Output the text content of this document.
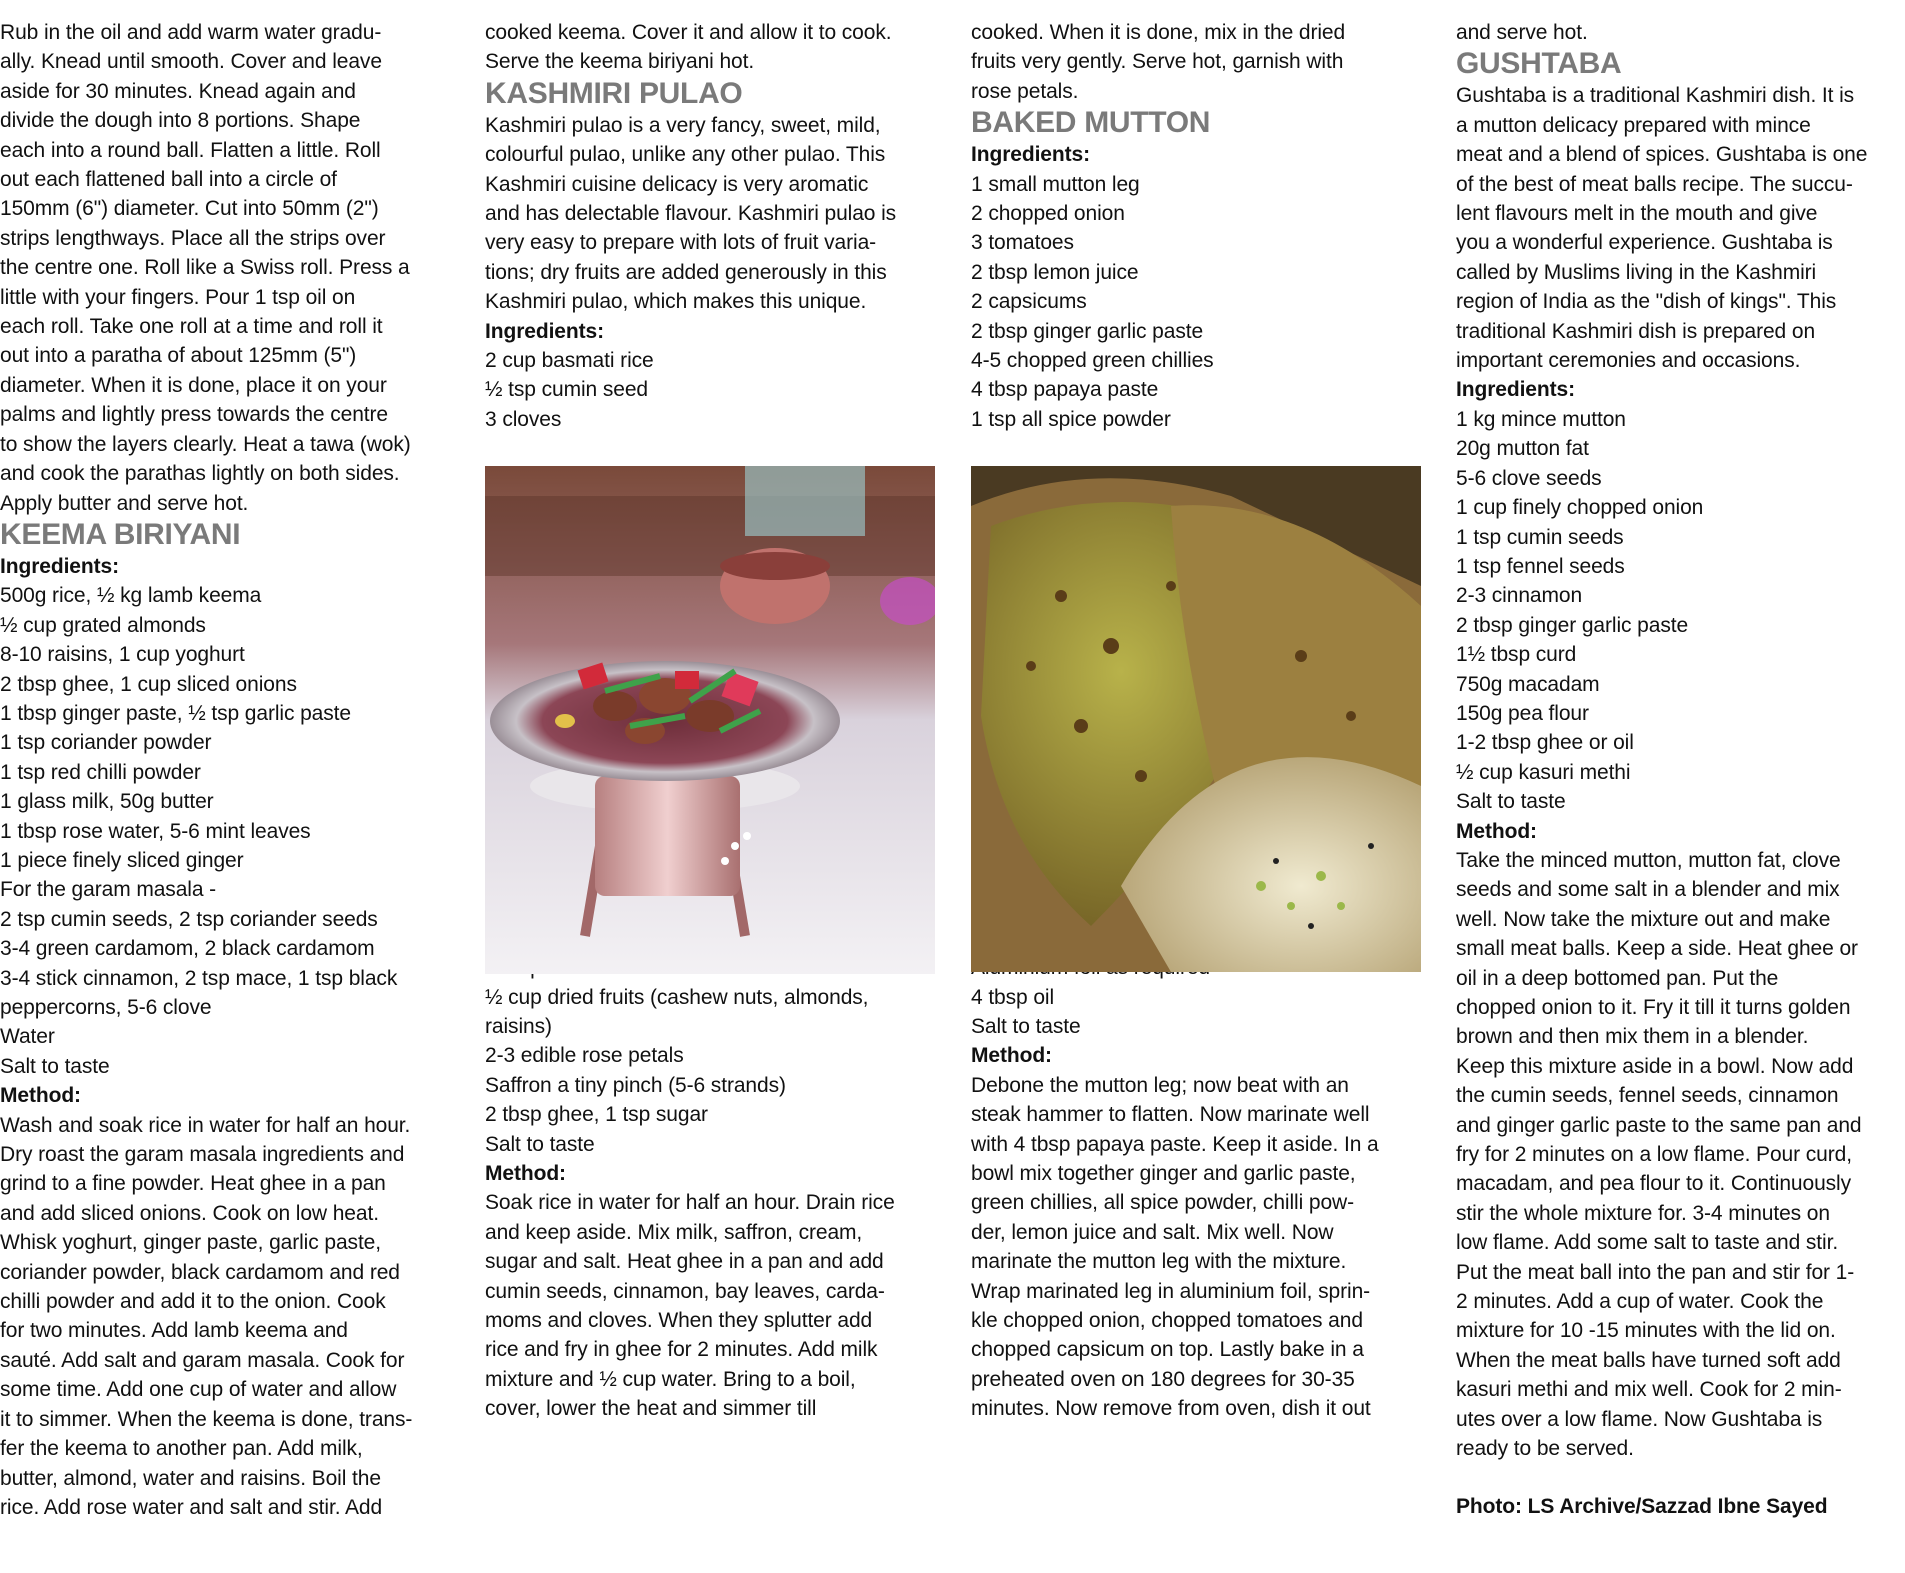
Rub in the oil and add warm water gradu-
ally. Knead until smooth. Cover and leave
aside for 30 minutes. Knead again and
divide the dough into 8 portions. Shape
each into a round ball. Flatten a little. Roll
out each flattened ball into a circle of
150mm (6") diameter. Cut into 50mm (2")
strips lengthways. Place all the strips over
the centre one. Roll like a Swiss roll. Press a
little with your fingers. Pour 1 tsp oil on
each roll. Take one roll at a time and roll it
out into a paratha of about 125mm (5")
diameter. When it is done, place it on your
palms and lightly press towards the centre
to show the layers clearly. Heat a tawa (wok)
and cook the parathas lightly on both sides.
Apply butter and serve hot.
KEEMA BIRIYANI

Ingredients:

500g rice, ½ kg lamb keema
½ cup grated almonds
8-10 raisins, 1 cup yoghurt
2 tbsp ghee, 1 cup sliced onions
1 tbsp ginger paste, ½ tsp garlic paste
1 tsp coriander powder
1 tsp red chilli powder
1 glass milk, 50g butter
1 tbsp rose water, 5-6 mint leaves
1 piece finely sliced ginger
For the garam masala -
2 tsp cumin seeds, 2 tsp coriander seeds
3-4 green cardamom, 2 black cardamom
3-4 stick cinnamon, 2 tsp mace, 1 tsp black
peppercorns, 5-6 clove
Water
Salt to taste

Method:

Wash and soak rice in water for half an hour.
Dry roast the garam masala ingredients and
grind to a fine powder. Heat ghee in a pan
and add sliced onions. Cook on low heat.
Whisk yoghurt, ginger paste, garlic paste,
coriander powder, black cardamom and red
chilli powder and add it to the onion. Cook
for two minutes. Add lamb keema and
sauté. Add salt and garam masala. Cook for
some time. Add one cup of water and allow
it to simmer. When the keema is done, trans-
fer the keema to another pan. Add milk,
butter, almond, water and raisins. Boil the
rice. Add rose water and salt and stir. Add
cooked keema. Cover it and allow it to cook.
Serve the keema biriyani hot.
KASHMIRI PULAO
Kashmiri pulao is a very fancy, sweet, mild,
colourful pulao, unlike any other pulao. This
Kashmiri cuisine delicacy is very aromatic
and has delectable flavour. Kashmiri pulao is
very easy to prepare with lots of fruit varia-
tions; dry fruits are added generously in this
Kashmiri pulao, which makes this unique.

Ingredients:

2 cup basmati rice
½ tsp cumin seed
3 cloves
½ cup dried fruits (cashew nuts, almonds,
raisins)
2-3 edible rose petals
Saffron a tiny pinch (5-6 strands)
2 tbsp ghee, 1 tsp sugar
Salt to taste

Method:

Soak rice in water for half an hour. Drain rice
and keep aside. Mix milk, saffron, cream,
sugar and salt. Heat ghee in a pan and add
cumin seeds, cinnamon, bay leaves, carda-
moms and cloves. When they splutter add
rice and fry in ghee for 2 minutes. Add milk
mixture and ½ cup water. Bring to a boil,
cover, lower the heat and simmer till
cooked. When it is done, mix in the dried
fruits very gently. Serve hot, garnish with
rose petals.
BAKED MUTTON

Ingredients:

1 small mutton leg
2 chopped onion
3 tomatoes
2 tbsp lemon juice
2 capsicums
2 tbsp ginger garlic paste
4-5 chopped green chillies
4 tbsp papaya paste
1 tsp all spice powder
4 tbsp oil
Salt to taste

Method:

Debone the mutton leg; now beat with an
steak hammer to flatten. Now marinate well
with 4 tbsp papaya paste. Keep it aside. In a
bowl mix together ginger and garlic paste,
green chillies, all spice powder, chilli pow-
der, lemon juice and salt. Mix well. Now
marinate the mutton leg with the mixture.
Wrap marinated leg in aluminium foil, sprin-
kle chopped onion, chopped tomatoes and
chopped capsicum on top. Lastly bake in a
preheated oven on 180 degrees for 30-35
minutes. Now remove from oven, dish it out
and serve hot.
GUSHTABA
Gushtaba is a traditional Kashmiri dish. It is
a mutton delicacy prepared with mince
meat and a blend of spices. Gushtaba is one
of the best of meat balls recipe. The succu-
lent flavours melt in the mouth and give
you a wonderful experience. Gushtaba is
called by Muslims living in the Kashmiri
region of India as the "dish of kings". This
traditional Kashmiri dish is prepared on
important ceremonies and occasions.

Ingredients:

1 kg mince mutton
20g mutton fat
5-6 clove seeds
1 cup finely chopped onion
1 tsp cumin seeds
1 tsp fennel seeds
2-3 cinnamon
2 tbsp ginger garlic paste
1½ tbsp curd
750g macadam
150g pea flour
1-2 tbsp ghee or oil
½ cup kasuri methi
Salt to taste

Method:

Take the minced mutton, mutton fat, clove
seeds and some salt in a blender and mix
well. Now take the mixture out and make
small meat balls. Keep a side. Heat ghee or
oil in a deep bottomed pan. Put the
chopped onion to it. Fry it till it turns golden
brown and then mix them in a blender.
Keep this mixture aside in a bowl. Now add
the cumin seeds, fennel seeds, cinnamon
and ginger garlic paste to the same pan and
fry for 2 minutes on a low flame. Pour curd,
macadam, and pea flour to it. Continuously
stir the whole mixture for. 3-4 minutes on
low flame. Add some salt to taste and stir.
Put the meat ball into the pan and stir for 1-
2 minutes. Add a cup of water. Cook the
mixture for 10 -15 minutes with the lid on.
When the meat balls have turned soft add
kasuri methi and mix well. Cook for 2 min-
utes over a low flame. Now Gushtaba is
ready to be served.
Photo: LS Archive/Sazzad Ibne Sayed
